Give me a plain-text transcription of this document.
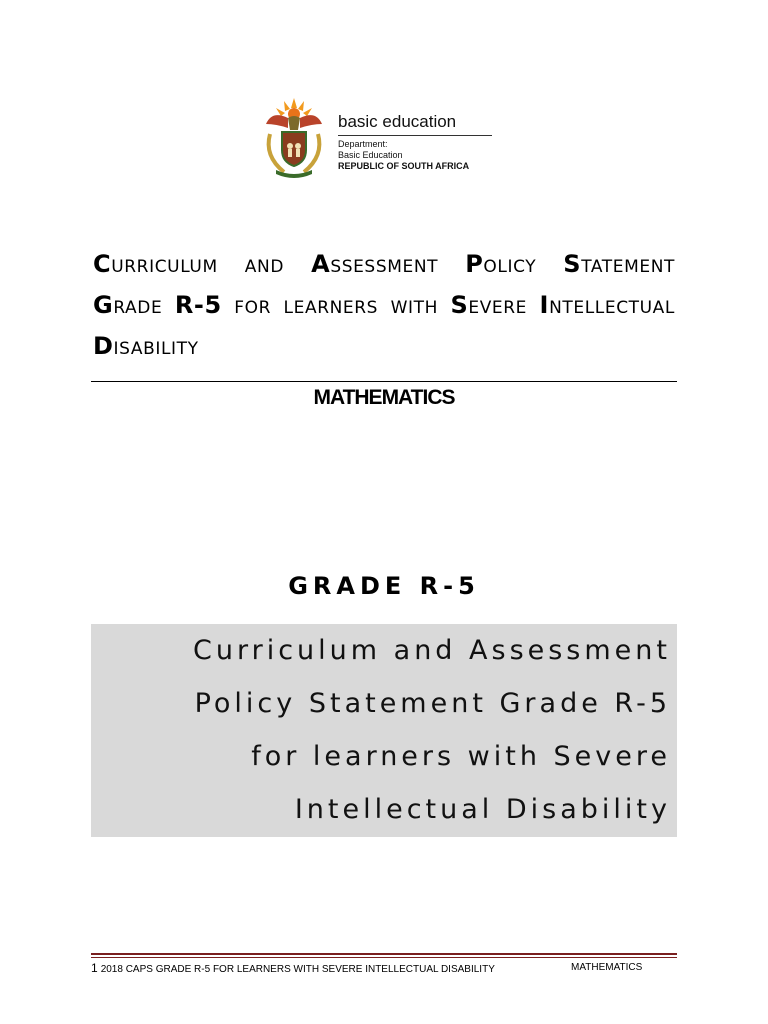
basic education
Department:
Basic Education
REPUBLIC OF SOUTH AFRICA
Curriculum and Assessment Policy Statement Grade R-5 for learners with Severe Intellectual Disability
MATHEMATICS
GRADE R-5

Curriculum and Assessment
Policy Statement Grade R-5
for learners with Severe
Intellectual Disability

1 2018 CAPS GRADE R-5 FOR LEARNERS WITH SEVERE INTELLECTUAL DISABILITY	MATHEMATICS
